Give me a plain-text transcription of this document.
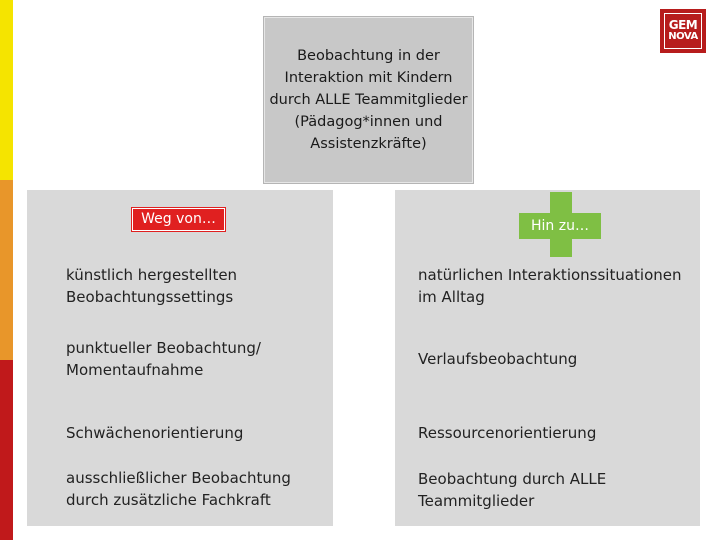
GEM
NOVA
Beobachtung in der Interaktion mit Kindern durch ALLE Teammitglieder (Pädagog*innen und Assistenzkräfte)
Weg von…	Hin zu…
künstlich hergestellten Beobachtungssettings
punktueller Beobachtung/ Momentaufnahme
Schwächenorientierung
ausschließlicher Beobachtung durch zusätzliche Fachkraft
natürlichen Interaktionssituationen im Alltag
Verlaufsbeobachtung
Ressourcenorientierung
Beobachtung durch ALLE Teammitglieder
